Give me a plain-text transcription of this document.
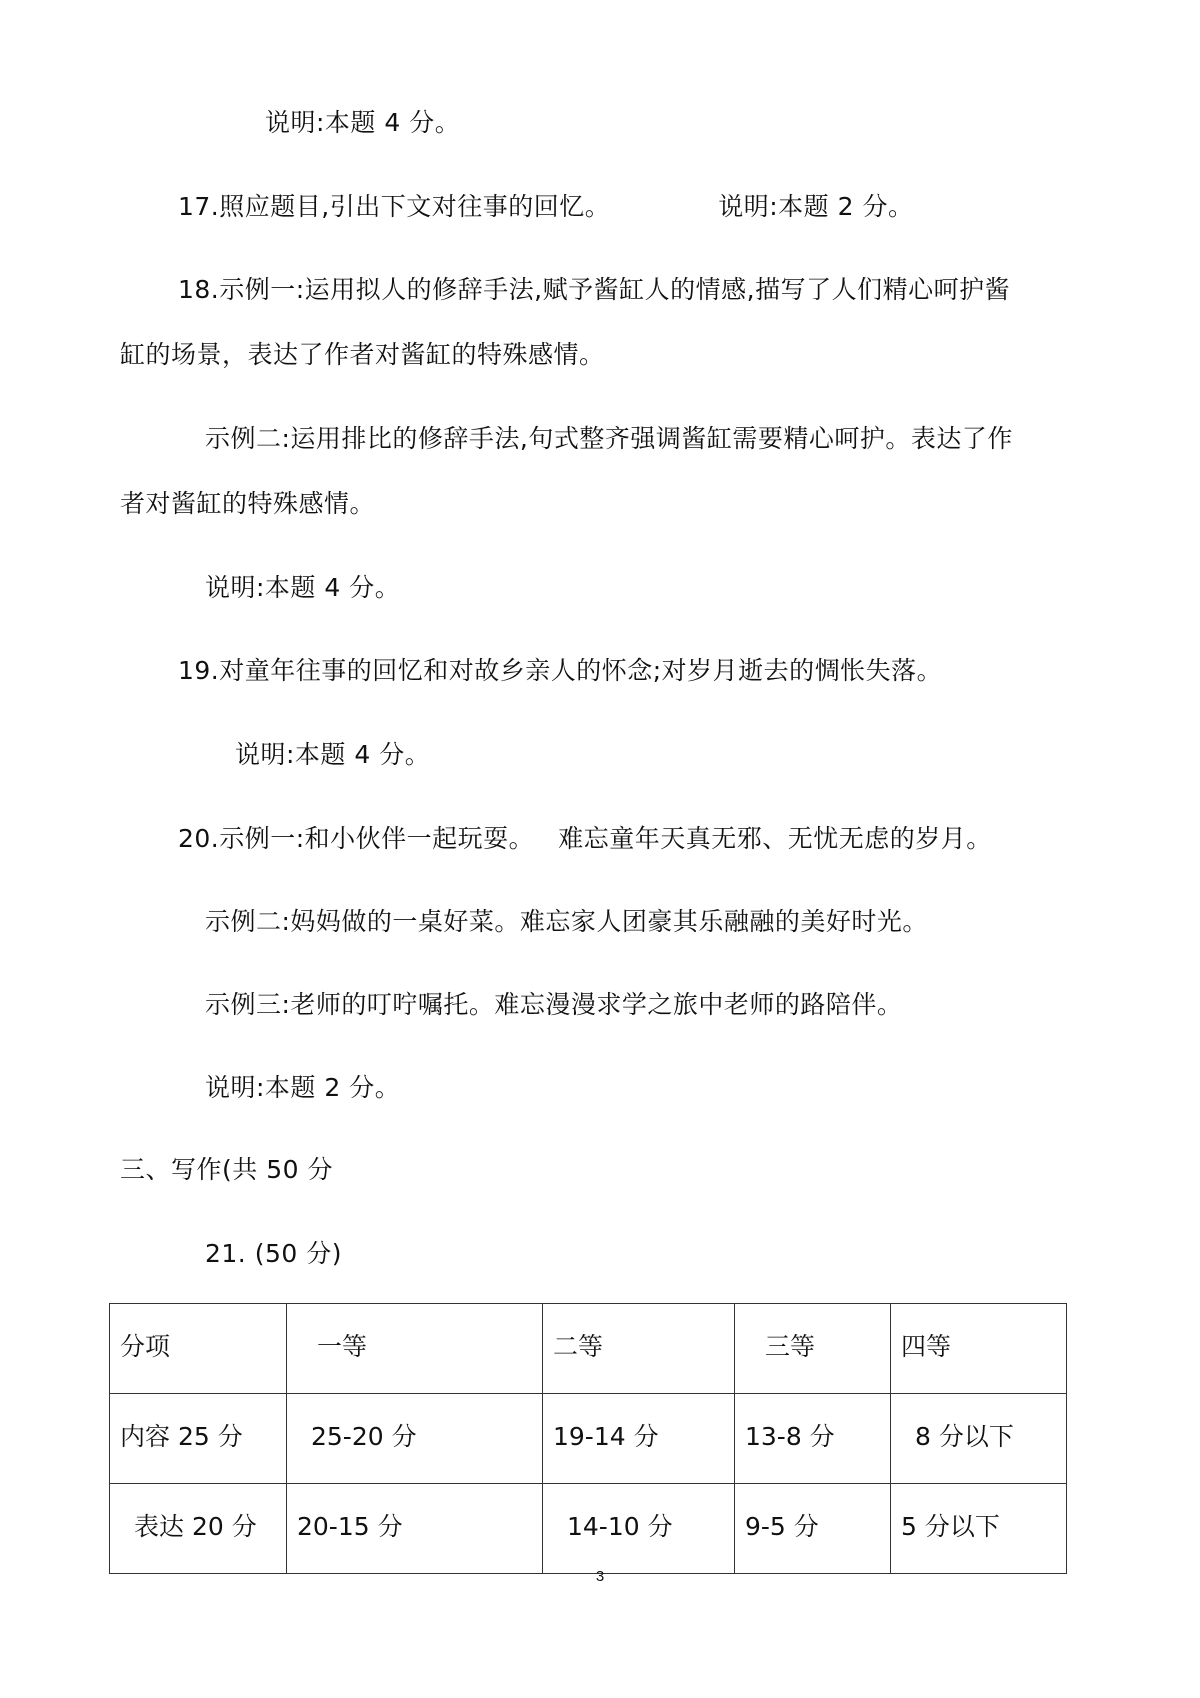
说明:本题 4 分。
17.照应题目,引出下文对往事的回忆。	说明:本题 2 分。
18.示例一:运用拟人的修辞手法,赋予酱缸人的情感,描写了人们精心呵护酱
缸的场景，表达了作者对酱缸的特殊感情。
示例二:运用排比的修辞手法,句式整齐强调酱缸需要精心呵护。表达了作
者对酱缸的特殊感情。
说明:本题 4 分。
19.对童年往事的回忆和对故乡亲人的怀念;对岁月逝去的惆怅失落。
说明:本题 4 分。
20.示例一:和小伙伴一起玩耍。 难忘童年天真无邪、无忧无虑的岁月。
示例二:妈妈做的一桌好菜。难忘家人团豪其乐融融的美好时光。
示例三:老师的叮咛嘱托。难忘漫漫求学之旅中老师的路陪伴。
说明:本题 2 分。
三、写作(共 50 分
21. (50 分)
分项	一等	二等	三等	四等
内容 25 分	25-20 分	19-14 分	13-8 分	8 分以下
表达 20 分	20-15 分	14-10 分	9-5 分	5 分以下
3
